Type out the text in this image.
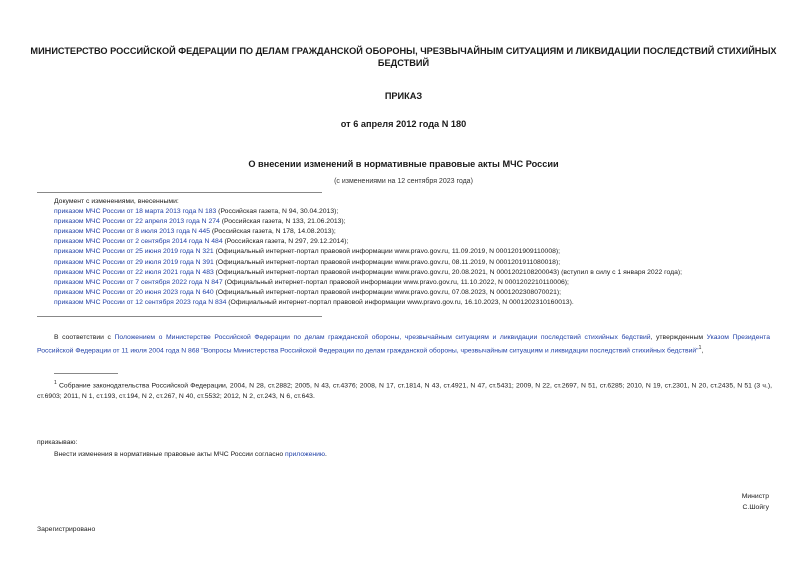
МИНИСТЕРСТВО РОССИЙСКОЙ ФЕДЕРАЦИИ ПО ДЕЛАМ ГРАЖДАНСКОЙ ОБОРОНЫ, ЧРЕЗВЫЧАЙНЫМ СИТУАЦИЯМ И ЛИКВИДАЦИИ ПОСЛЕДСТВИЙ СТИХИЙНЫХ БЕДСТВИЙ
ПРИКАЗ
от 6 апреля 2012 года N 180
О внесении изменений в нормативные правовые акты МЧС России
(с изменениями на 12 сентября 2023 года)
Документ с изменениями, внесенными:
приказом МЧС России от 18 марта 2013 года N 183 (Российская газета, N 94, 30.04.2013);
приказом МЧС России от 22 апреля 2013 года N 274 (Российская газета, N 133, 21.06.2013);
приказом МЧС России от 8 июля 2013 года N 445 (Российская газета, N 178, 14.08.2013);
приказом МЧС России от 2 сентября 2014 года N 484 (Российская газета, N 297, 29.12.2014);
приказом МЧС России от 25 июня 2019 года N 321 (Официальный интернет-портал правовой информации www.pravo.gov.ru, 11.09.2019, N 0001201909110008);
приказом МЧС России от 29 июля 2019 года N 391 (Официальный интернет-портал правовой информации www.pravo.gov.ru, 08.11.2019, N 0001201911080018);
приказом МЧС России от 22 июля 2021 года N 483 (Официальный интернет-портал правовой информации www.pravo.gov.ru, 20.08.2021, N 0001202108200043) (вступил в силу с 1 января 2022 года);
приказом МЧС России от 7 сентября 2022 года N 847 (Официальный интернет-портал правовой информации www.pravo.gov.ru, 11.10.2022, N 0001202210110006);
приказом МЧС России от 20 июня 2023 года N 640 (Официальный интернет-портал правовой информации www.pravo.gov.ru, 07.08.2023, N 0001202308070021);
приказом МЧС России от 12 сентября 2023 года N 834 (Официальный интернет-портал правовой информации www.pravo.gov.ru, 16.10.2023, N 0001202310160013).
В соответствии с Положением о Министерстве Российской Федерации по делам гражданской обороны, чрезвычайным ситуациям и ликвидации последствий стихийных бедствий, утвержденным Указом Президента Российской Федерации от 11 июля 2004 года N 868 "Вопросы Министерства Российской Федерации по делам гражданской обороны, чрезвычайным ситуациям и ликвидации последствий стихийных бедствий"$^1$,
$^1$ Собрание законодательства Российской Федерации, 2004, N 28, ст.2882; 2005, N 43, ст.4376; 2008, N 17, ст.1814, N 43, ст.4921, N 47, ст.5431; 2009, N 22, ст.2697, N 51, ст.6285; 2010, N 19, ст.2301, N 20, ст.2435, N 51 (3 ч.), ст.6903; 2011, N 1, ст.193, ст.194, N 2, ст.267, N 40, ст.5532; 2012, N 2, ст.243, N 6, ст.643.
приказываю:
Внести изменения в нормативные правовые акты МЧС России согласно приложению.
Министр
С.Шойгу
Зарегистрировано
